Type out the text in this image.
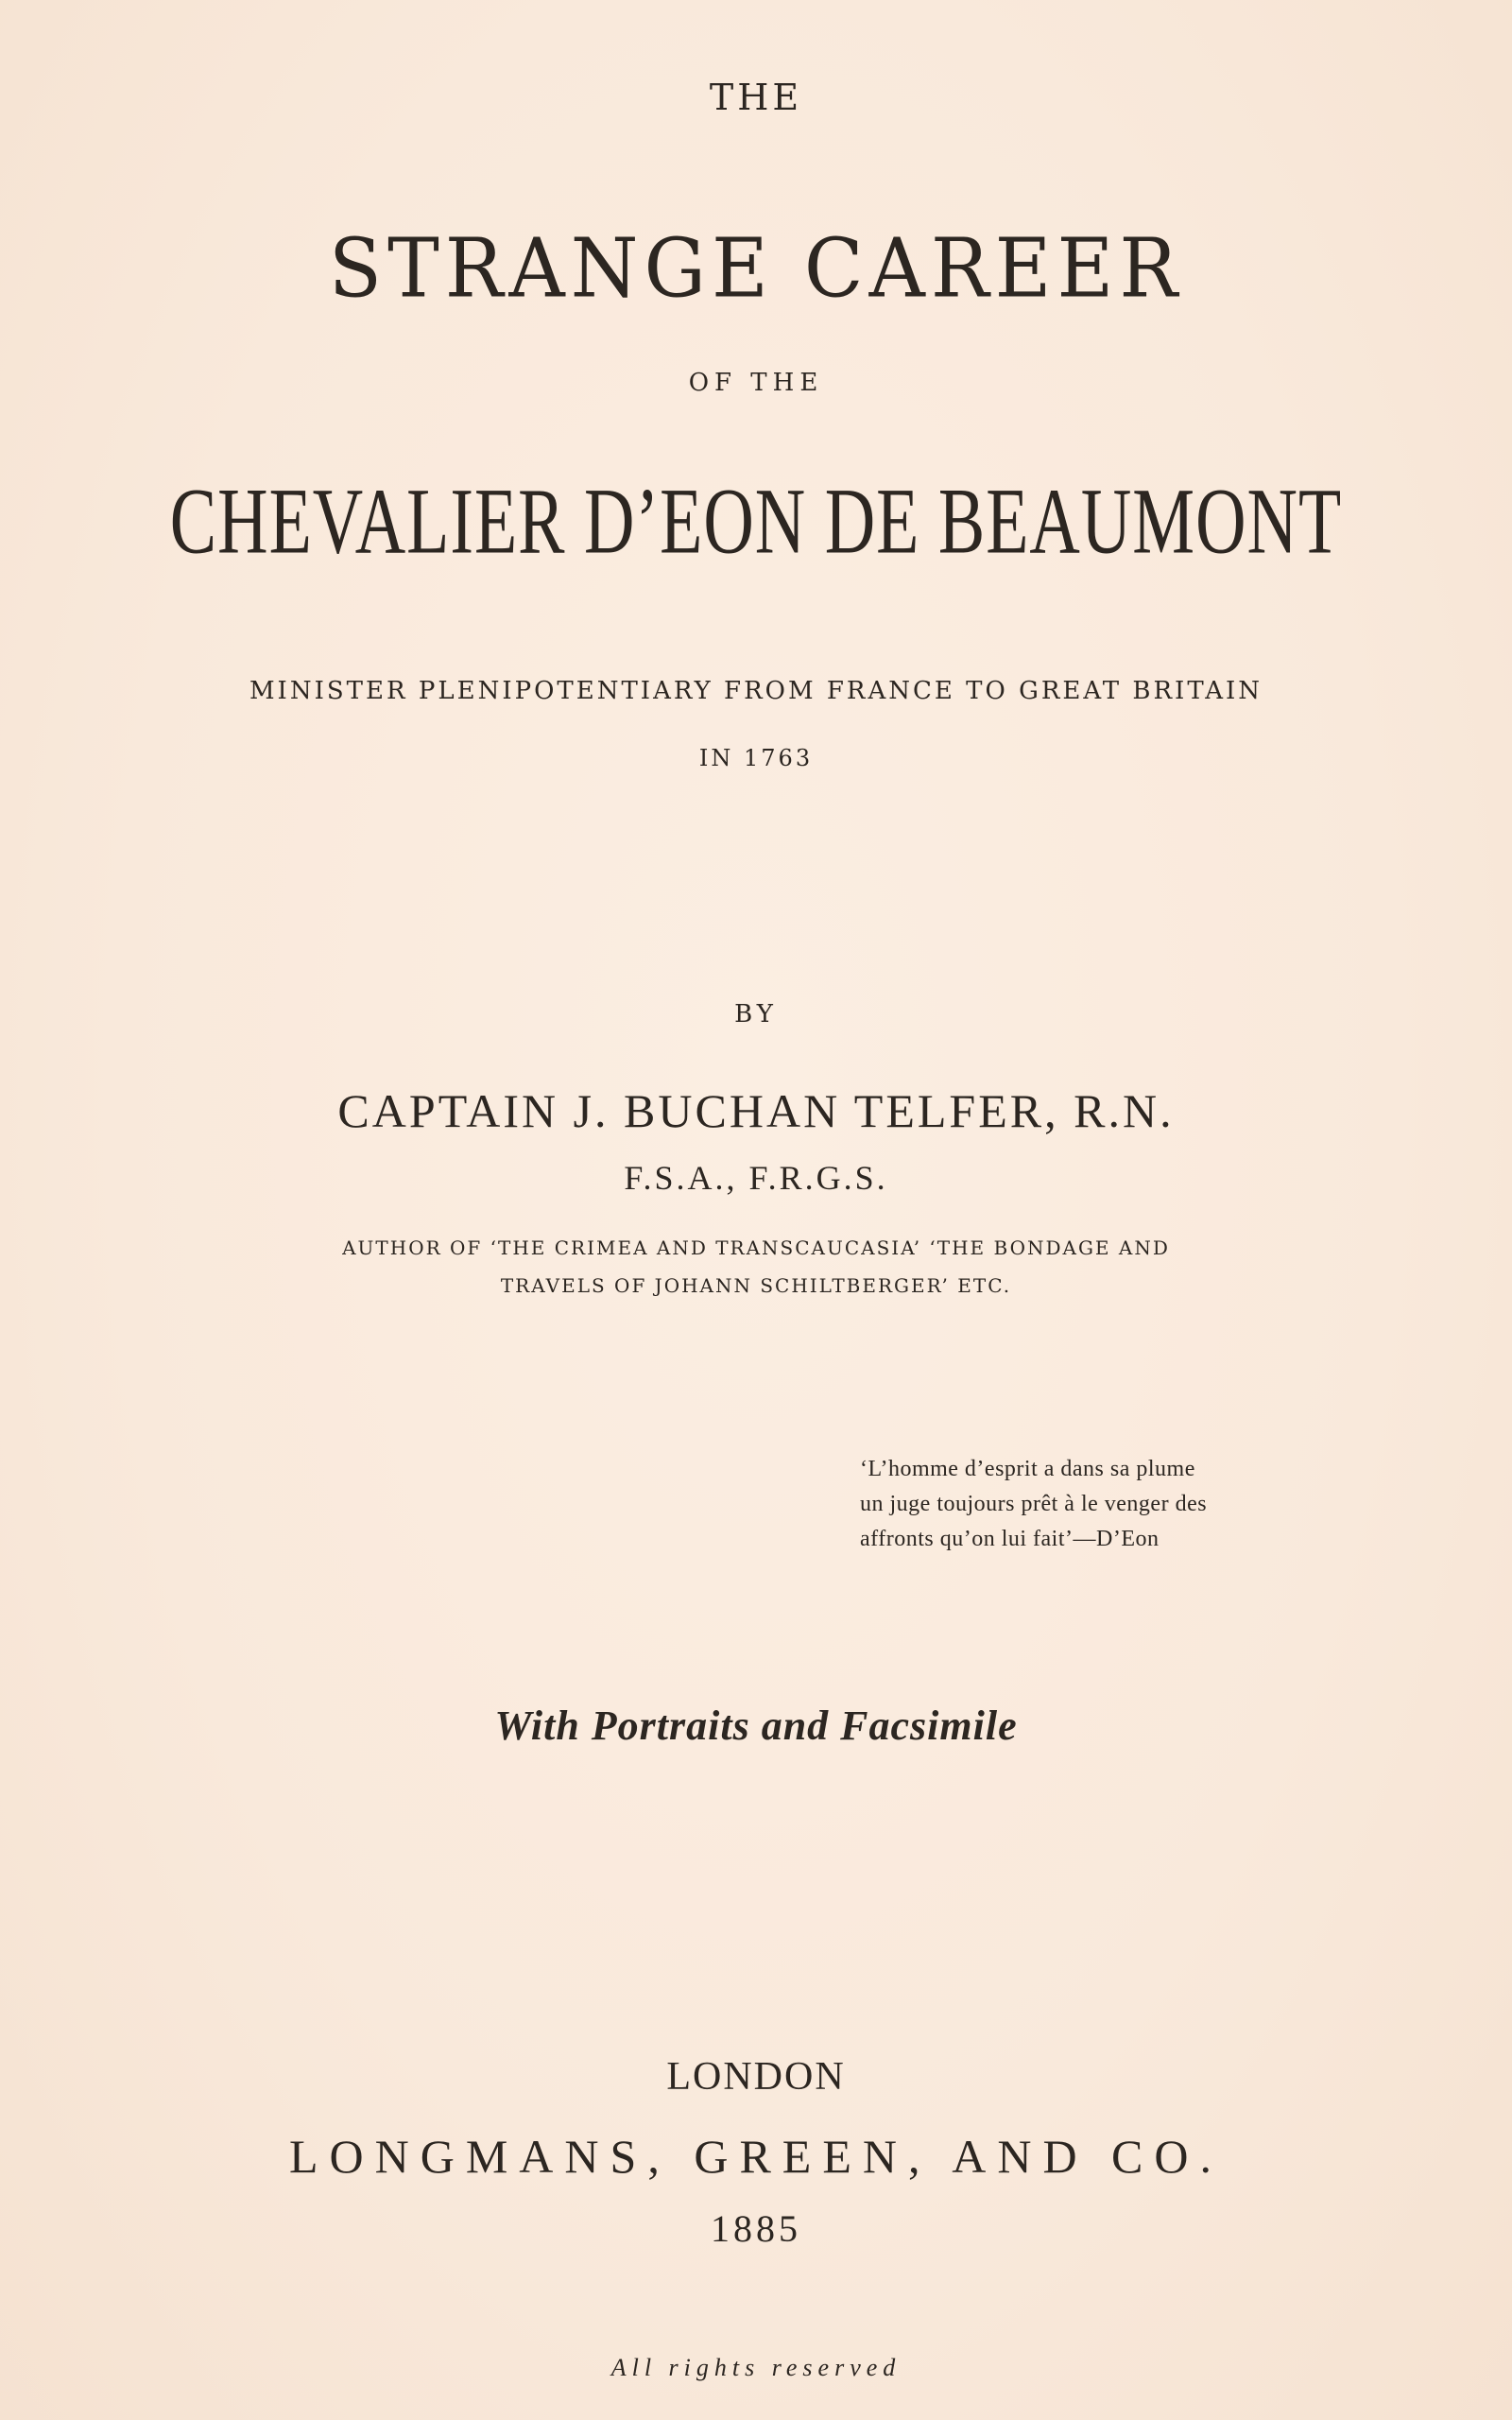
THE
STRANGE CAREER
OF THE
CHEVALIER D’EON DE BEAUMONT
MINISTER PLENIPOTENTIARY FROM FRANCE TO GREAT BRITAIN
IN 1763
BY
CAPTAIN J. BUCHAN TELFER, R.N.
F.S.A., F.R.G.S.
AUTHOR OF ‘THE CRIMEA AND TRANSCAUCASIA’ ‘THE BONDAGE AND
TRAVELS OF JOHANN SCHILTBERGER’ ETC.
‘L’homme d’esprit a dans sa plume
un juge toujours prêt à le venger des
affronts qu’on lui fait’—D’Eon
With Portraits and Facsimile
LONDON
LONGMANS, GREEN, AND CO.
1885
All rights reserved
